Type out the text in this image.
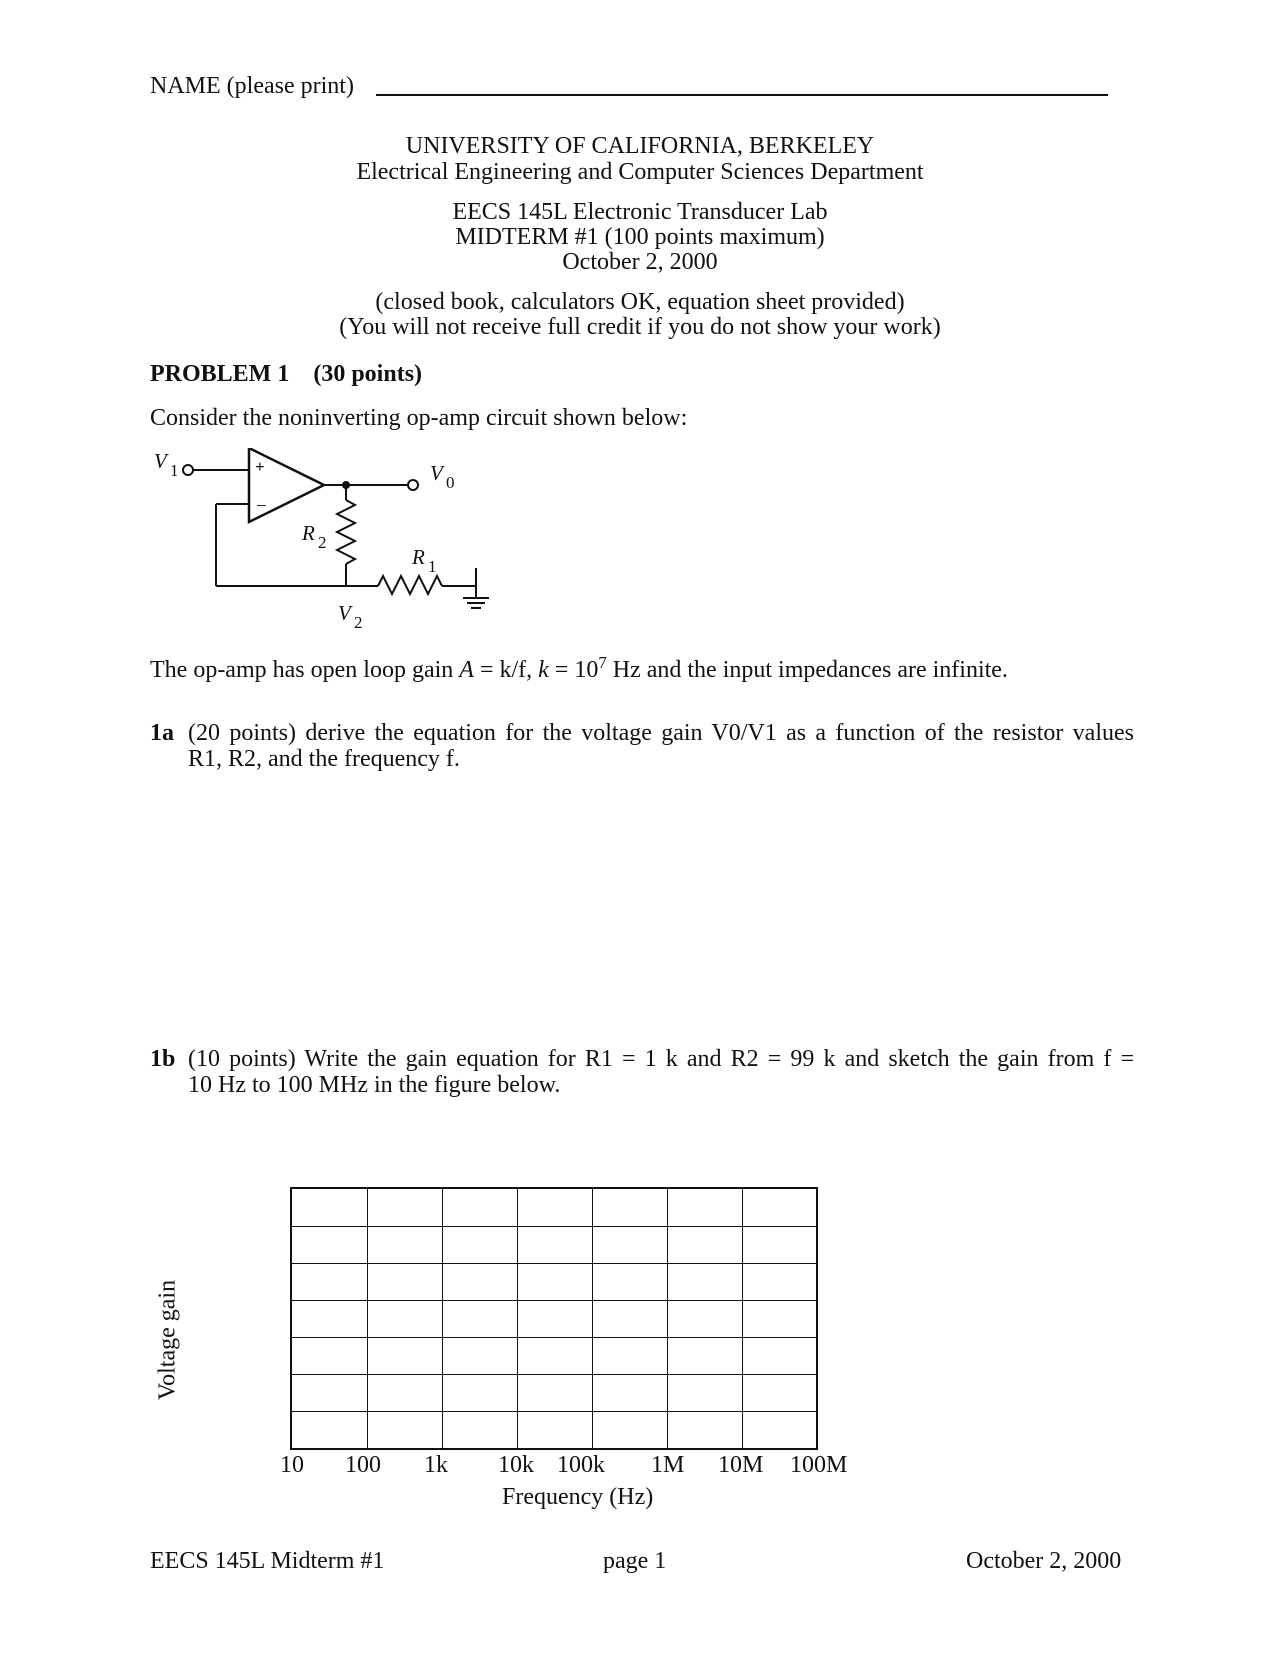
NAME (please print)
UNIVERSITY OF CALIFORNIA, BERKELEY
Electrical Engineering and Computer Sciences Department
EECS 145L Electronic Transducer Lab
MIDTERM #1 (100 points maximum)
October 2, 2000
(closed book, calculators OK, equation sheet provided)
(You will not receive full credit if you do not show your work)
PROBLEM 1 (30 points)
Consider the noninverting op-amp circuit shown below:
+
−
V 1	V 0
R 2
R 1
V 2
The op-amp has open loop gain A = k/f, $k = 10^7$ Hz and the input impedances are infinite.
1a (20 points) derive the equation for the voltage gain V0/V1 as a function of the resistor values
R1, R2, and the frequency f.
1b (10 points) Write the gain equation for R1 = 1 k and R2 = 99 k and sketch the gain from f =
10 Hz to 100 MHz in the figure below.
Voltage gain
10 100 1k 10k 100k 1M 10M 100M
Frequency (Hz)
EECS 145L Midterm #1	page 1	October 2, 2000
